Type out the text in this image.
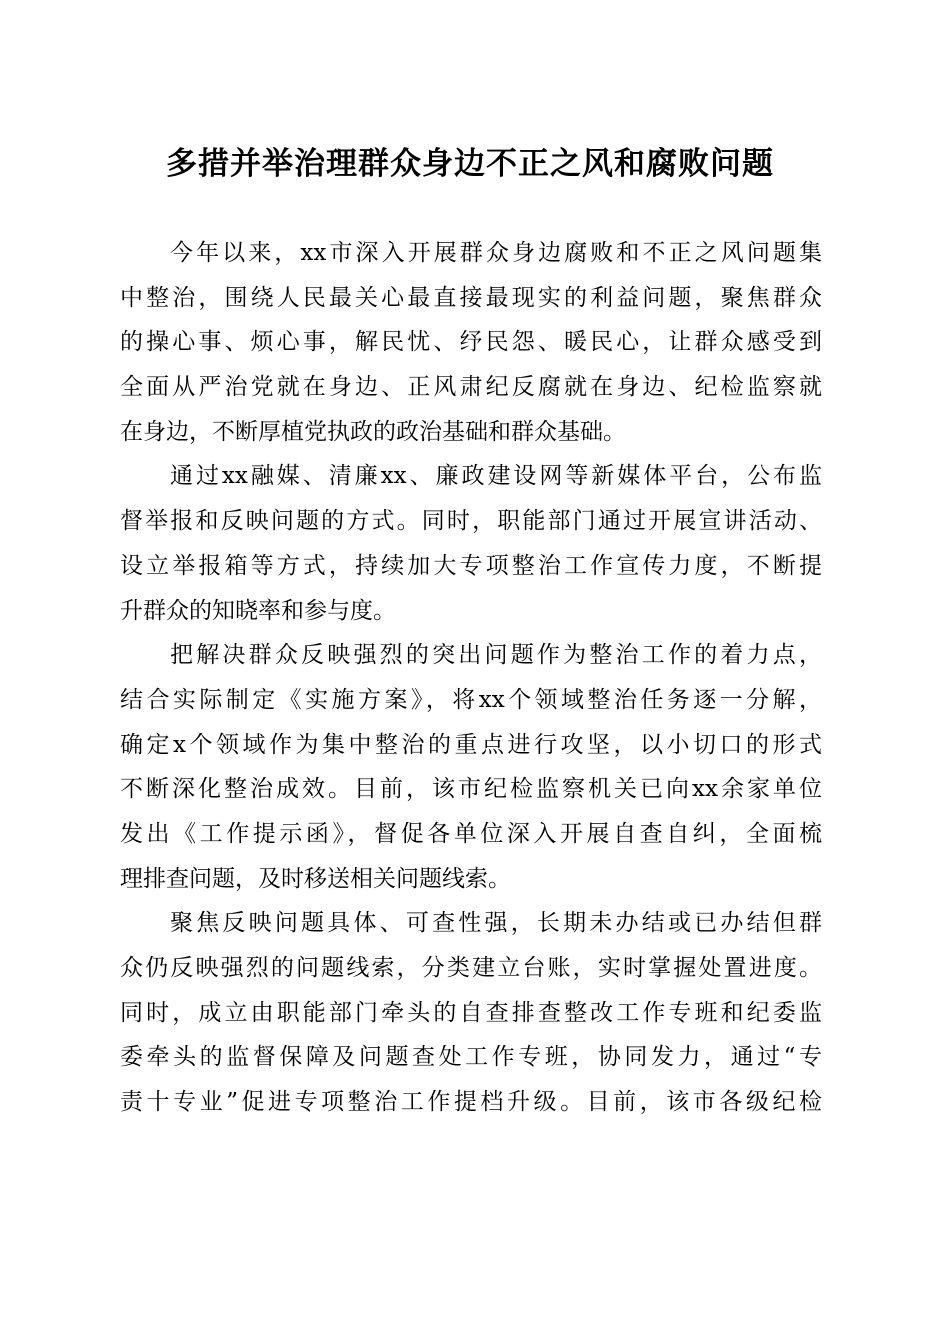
多措并举治理群众身边不正之风和腐败问题
今年以来，xx市深入开展群众身边腐败和不正之风问题集
中整治，围绕人民最关心最直接最现实的利益问题，聚焦群众
的操心事、烦心事，解民忧、纾民怨、暖民心，让群众感受到
全面从严治党就在身边、正风肃纪反腐就在身边、纪检监察就
在身边，不断厚植党执政的政治基础和群众基础。
通过xx融媒、清廉xx、廉政建设网等新媒体平台，公布监
督举报和反映问题的方式。同时，职能部门通过开展宣讲活动、
设立举报箱等方式，持续加大专项整治工作宣传力度，不断提
升群众的知晓率和参与度。
把解决群众反映强烈的突出问题作为整治工作的着力点，
结合实际制定《实施方案》，将xx个领域整治任务逐一分解，
确定x个领域作为集中整治的重点进行攻坚，以小切口的形式
不断深化整治成效。目前，该市纪检监察机关已向xx余家单位
发出《工作提示函》，督促各单位深入开展自查自纠，全面梳
理排查问题，及时移送相关问题线索。
聚焦反映问题具体、可查性强，长期未办结或已办结但群
众仍反映强烈的问题线索，分类建立台账，实时掌握处置进度。
同时，成立由职能部门牵头的自查排查整改工作专班和纪委监
委牵头的监督保障及问题查处工作专班，协同发力，通过“专
责十专业”促进专项整治工作提档升级。目前，该市各级纪检
